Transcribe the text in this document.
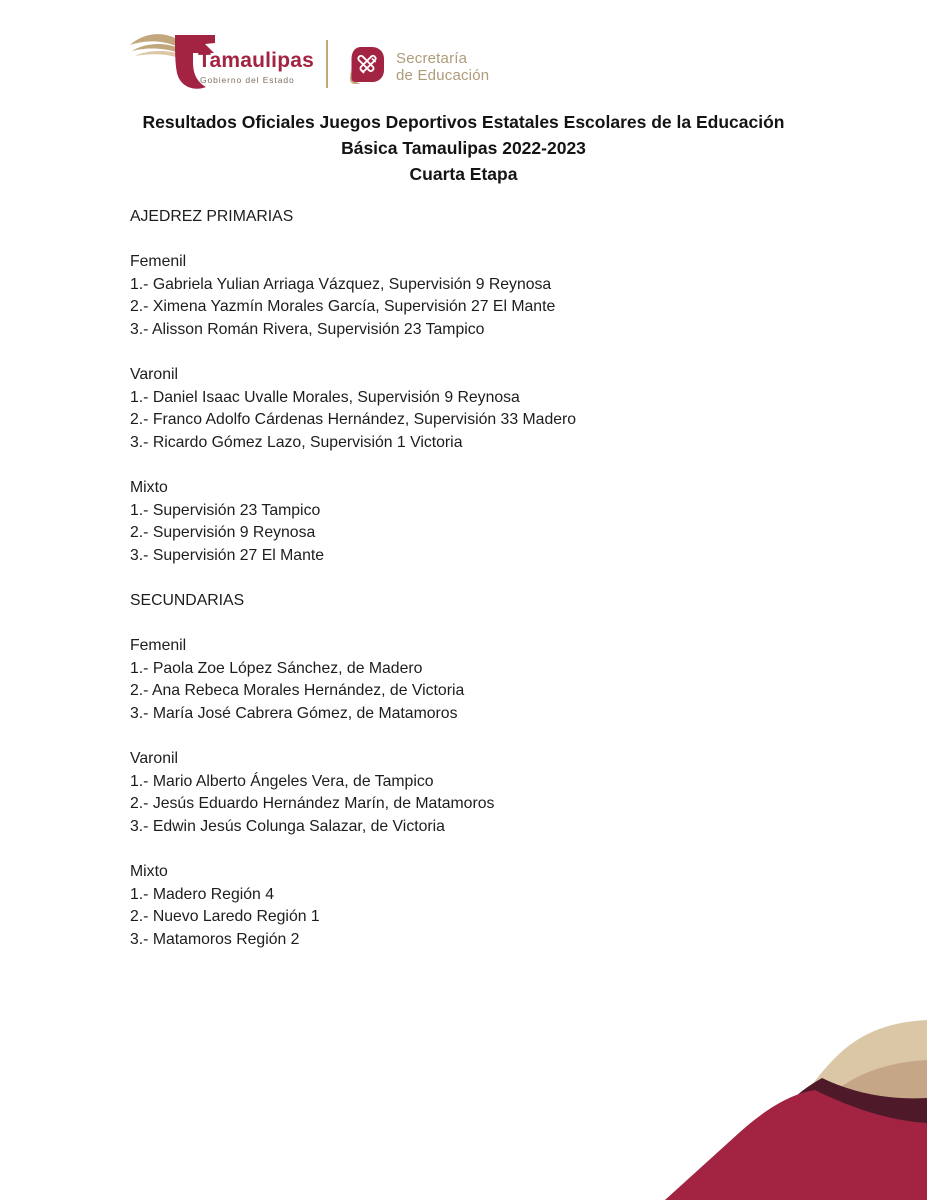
Tamaulipas
Gobierno del Estado
Secretaría
de Educación
Resultados Oficiales Juegos Deportivos Estatales Escolares de la Educación
Básica Tamaulipas 2022-2023
Cuarta Etapa
AJEDREZ PRIMARIAS
Femenil
1.- Gabriela Yulian Arriaga Vázquez, Supervisión 9 Reynosa
2.- Ximena Yazmín Morales García, Supervisión 27 El Mante
3.- Alisson Román Rivera, Supervisión 23 Tampico
Varonil
1.- Daniel Isaac Uvalle Morales, Supervisión 9 Reynosa
2.- Franco Adolfo Cárdenas Hernández, Supervisión 33 Madero
3.- Ricardo Gómez Lazo, Supervisión 1 Victoria
Mixto
1.- Supervisión 23 Tampico
2.- Supervisión 9 Reynosa
3.- Supervisión 27 El Mante
SECUNDARIAS
Femenil
1.- Paola Zoe López Sánchez, de Madero
2.- Ana Rebeca Morales Hernández, de Victoria
3.- María José Cabrera Gómez, de Matamoros
Varonil
1.- Mario Alberto Ángeles Vera, de Tampico
2.- Jesús Eduardo Hernández Marín, de Matamoros
3.- Edwin Jesús Colunga Salazar, de Victoria
Mixto
1.- Madero Región 4
2.- Nuevo Laredo Región 1
3.- Matamoros Región 2
